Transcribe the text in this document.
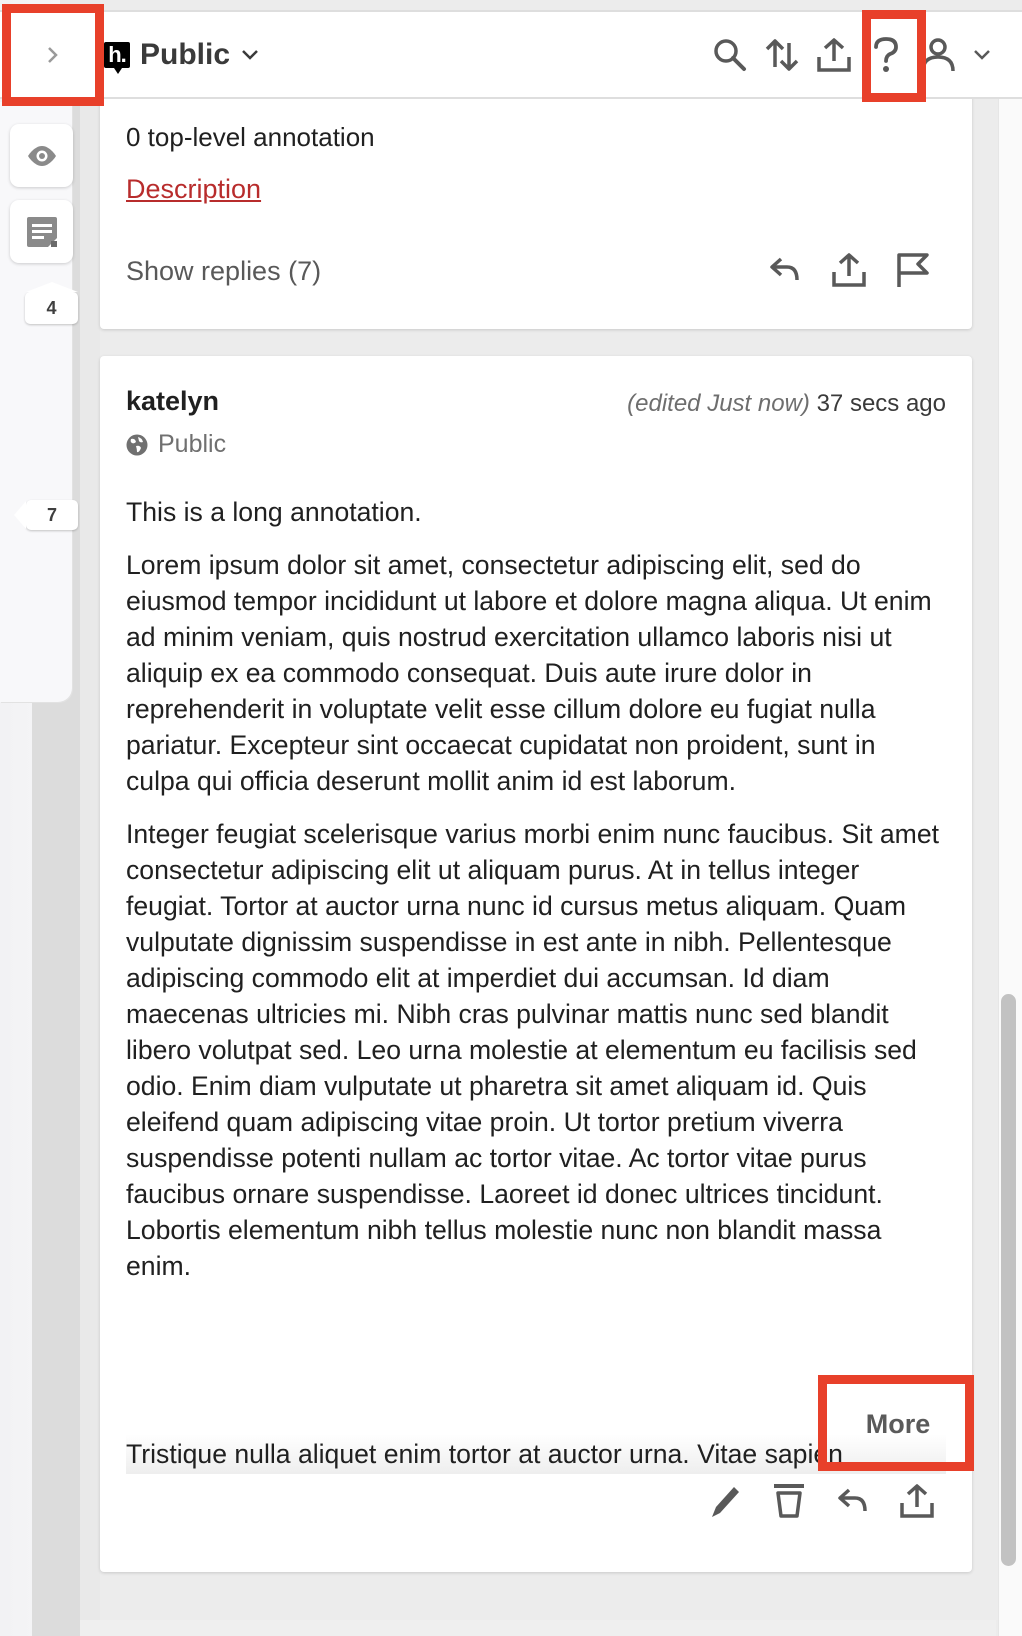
4
7
0 top-level annotation
Description
Show replies (7)
katelyn	(edited Just now) 37 secs ago
Public

This is a long annotation.

Lorem ipsum dolor sit amet, consectetur adipiscing elit, sed do eiusmod tempor incididunt ut labore et dolore magna aliqua. Ut enim ad minim veniam, quis nostrud exercitation ullamco laboris nisi ut aliquip ex ea commodo consequat. Duis aute irure dolor in reprehenderit in voluptate velit esse cillum dolore eu fugiat nulla pariatur. Excepteur sint occaecat cupidatat non proident, sunt in culpa qui officia deserunt mollit anim id est laborum.

Integer feugiat scelerisque varius morbi enim nunc faucibus. Sit amet consectetur adipiscing elit ut aliquam purus. At in tellus integer feugiat. Tortor at auctor urna nunc id cursus metus aliquam. Quam vulputate dignissim suspendisse in est ante in nibh. Pellentesque adipiscing commodo elit at imperdiet dui accumsan. Id diam maecenas ultricies mi. Nibh cras pulvinar mattis nunc sed blandit libero volutpat sed. Leo urna molestie at elementum eu facilisis sed odio. Enim diam vulputate ut pharetra sit amet aliquam id. Quis eleifend quam adipiscing vitae proin. Ut tortor pretium viverra suspendisse potenti nullam ac tortor vitae. Ac tortor vitae purus faucibus ornare suspendisse. Laoreet id donec ultrices tincidunt. Lobortis elementum nibh tellus molestie nunc non blandit massa enim.

Tristique nulla aliquet enim tortor at auctor urna. Vitae sapien
More
h. Public
